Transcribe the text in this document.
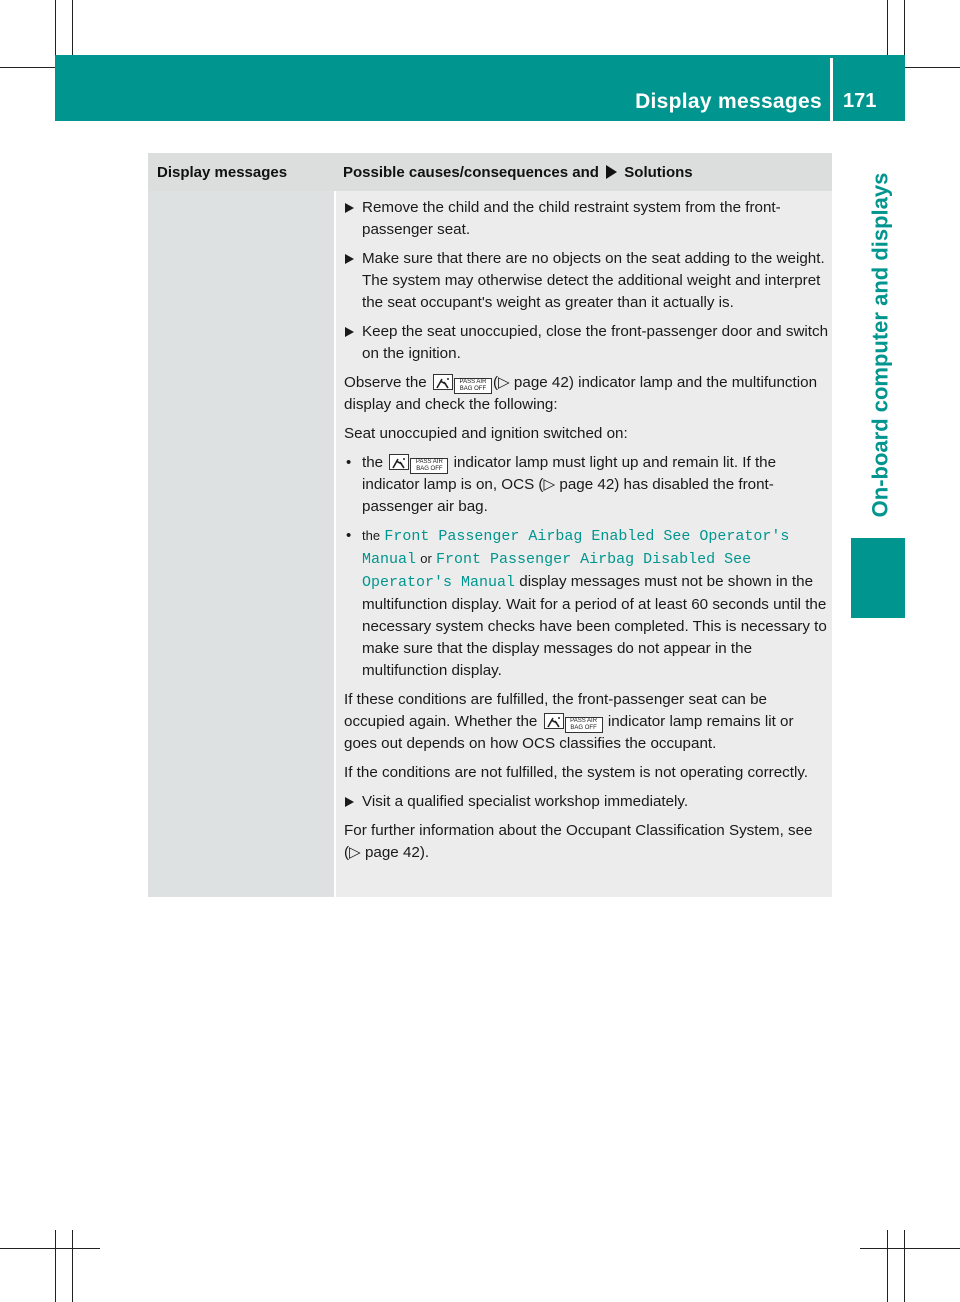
Display messages 171
On-board computer and displays
Display messages	Possible causes/consequences and Solutions
Remove the child and the child restraint system from the front-passenger seat.
Make sure that there are no objects on the seat adding to the weight.
The system may otherwise detect the additional weight and interpret the seat occupant's weight as greater than it actually is.
Keep the seat unoccupied, close the front-passenger door and switch on the ignition.
Observe the	PASS AIR BAG OFF (▷ page 42) indicator lamp and the multifunction display and check the following:
Seat unoccupied and ignition switched on:
• the	PASS AIR BAG OFF indicator lamp must light up and remain lit. If the indicator lamp is on, OCS (▷ page 42) has disabled the front-passenger air bag.
• the Front Passenger Airbag Enabled See Operator's Manual or Front Passenger Airbag Disabled See Operator's Manual display messages must not be shown in the multifunction display. Wait for a period of at least 60 seconds until the necessary system checks have been completed. This is necessary to make sure that the display messages do not appear in the multifunction display.
If these conditions are fulfilled, the front-passenger seat can be occupied again. Whether the	PASS AIR BAG OFF indicator lamp remains lit or goes out depends on how OCS classifies the occupant.
If the conditions are not fulfilled, the system is not operating correctly.
Visit a qualified specialist workshop immediately.
For further information about the Occupant Classification System, see (▷ page 42).
